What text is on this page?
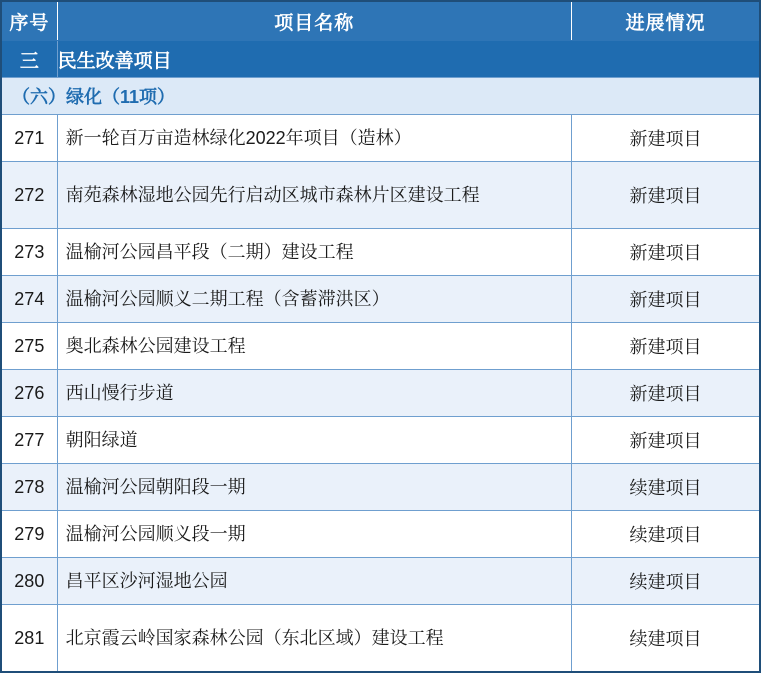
序号	项目名称	进展情况
三	民生改善项目	
（六）绿化（11项）		
271	新一轮百万亩造林绿化2022年项目（造林）	新建项目
272	南苑森林湿地公园先行启动区城市森林片区建设工程	新建项目
273	温榆河公园昌平段（二期）建设工程	新建项目
274	温榆河公园顺义二期工程（含蓄滞洪区）	新建项目
275	奥北森林公园建设工程	新建项目
276	西山慢行步道	新建项目
277	朝阳绿道	新建项目
278	温榆河公园朝阳段一期	续建项目
279	温榆河公园顺义段一期	续建项目
280	昌平区沙河湿地公园	续建项目
281	北京霞云岭国家森林公园（东北区域）建设工程	续建项目
